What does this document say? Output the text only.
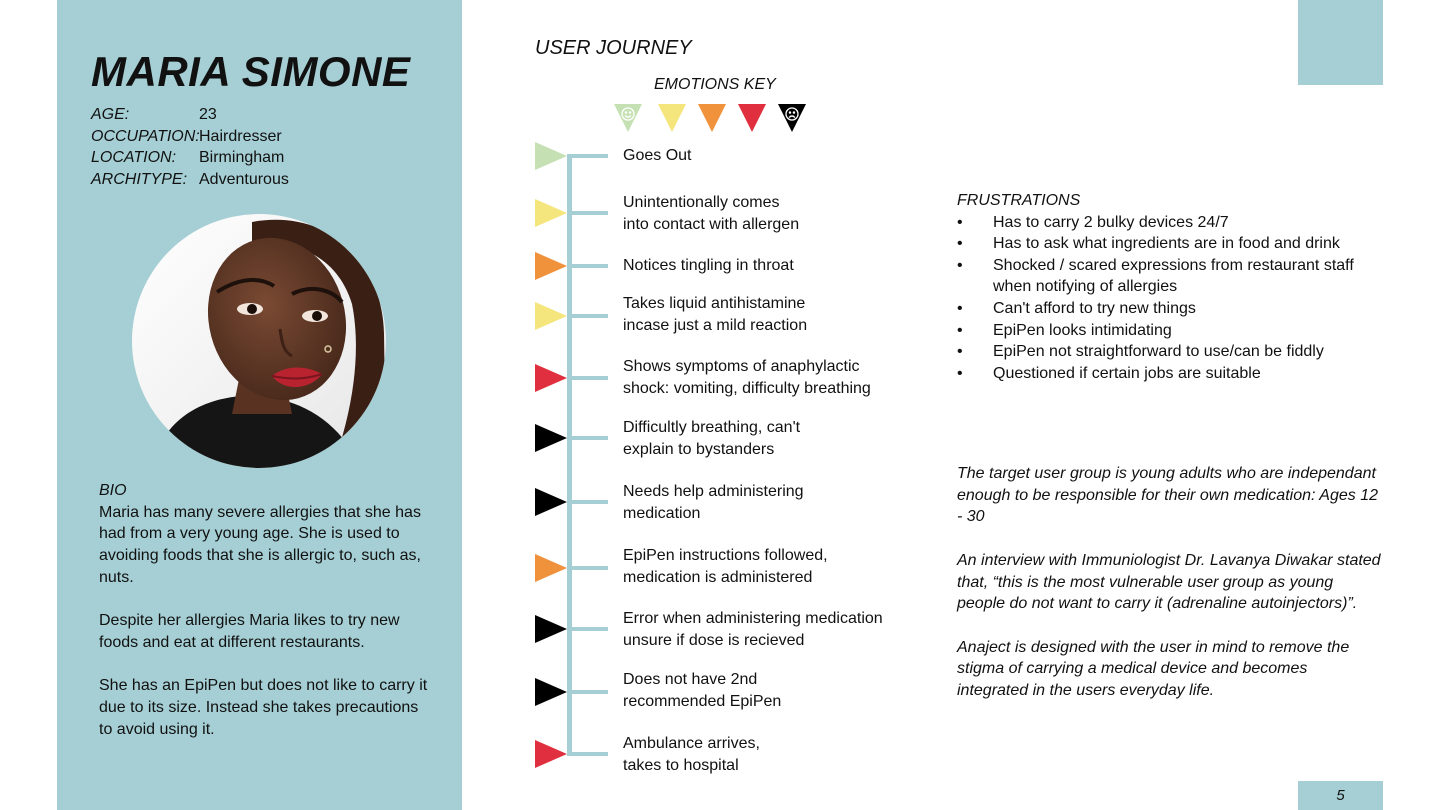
MARIA SIMONE
AGE:	23
OCCUPATION: Hairdresser
LOCATION:	Birmingham
ARCHITYPE: Adventurous
BIO

Maria has many severe allergies that she has had from a very young age. She is used to avoiding foods that she is allergic to, such as, nuts.

Despite her allergies Maria likes to try new foods and eat at different restaurants.

She has an EpiPen but does not like to carry it due to its size. Instead she takes precautions to avoid using it.

USER JOURNEY
EMOTIONS KEY
Goes Out
Unintentionally comes
into contact with allergen
Notices tingling in throat
Takes liquid antihistamine
incase just a mild reaction
Shows symptoms of anaphylactic
shock: vomiting, difficulty breathing
Difficultly breathing, can't
explain to bystanders
Needs help administering
medication
EpiPen instructions followed,
medication is administered
Error when administering medication
unsure if dose is recieved
Does not have 2nd
recommended EpiPen
Ambulance arrives,
takes to hospital
FRUSTRATIONS
• Has to carry 2 bulky devices 24/7
• Has to ask what ingredients are in food and drink
• Shocked / scared expressions from restaurant staff when notifying of allergies
• Can't afford to try new things
• EpiPen looks intimidating
• EpiPen not straightforward to use/can be fiddly
• Questioned if certain jobs are suitable

The target user group is young adults who are independant enough to be responsible for their own medication: Ages 12 - 30

An interview with Immuniologist Dr. Lavanya Diwakar stated that, “this is the most vulnerable user group as young people do not want to carry it (adrenaline autoinjectors)”.

Anaject is designed with the user in mind to remove the stigma of carrying a medical device and becomes integrated in the users everyday life.

5
